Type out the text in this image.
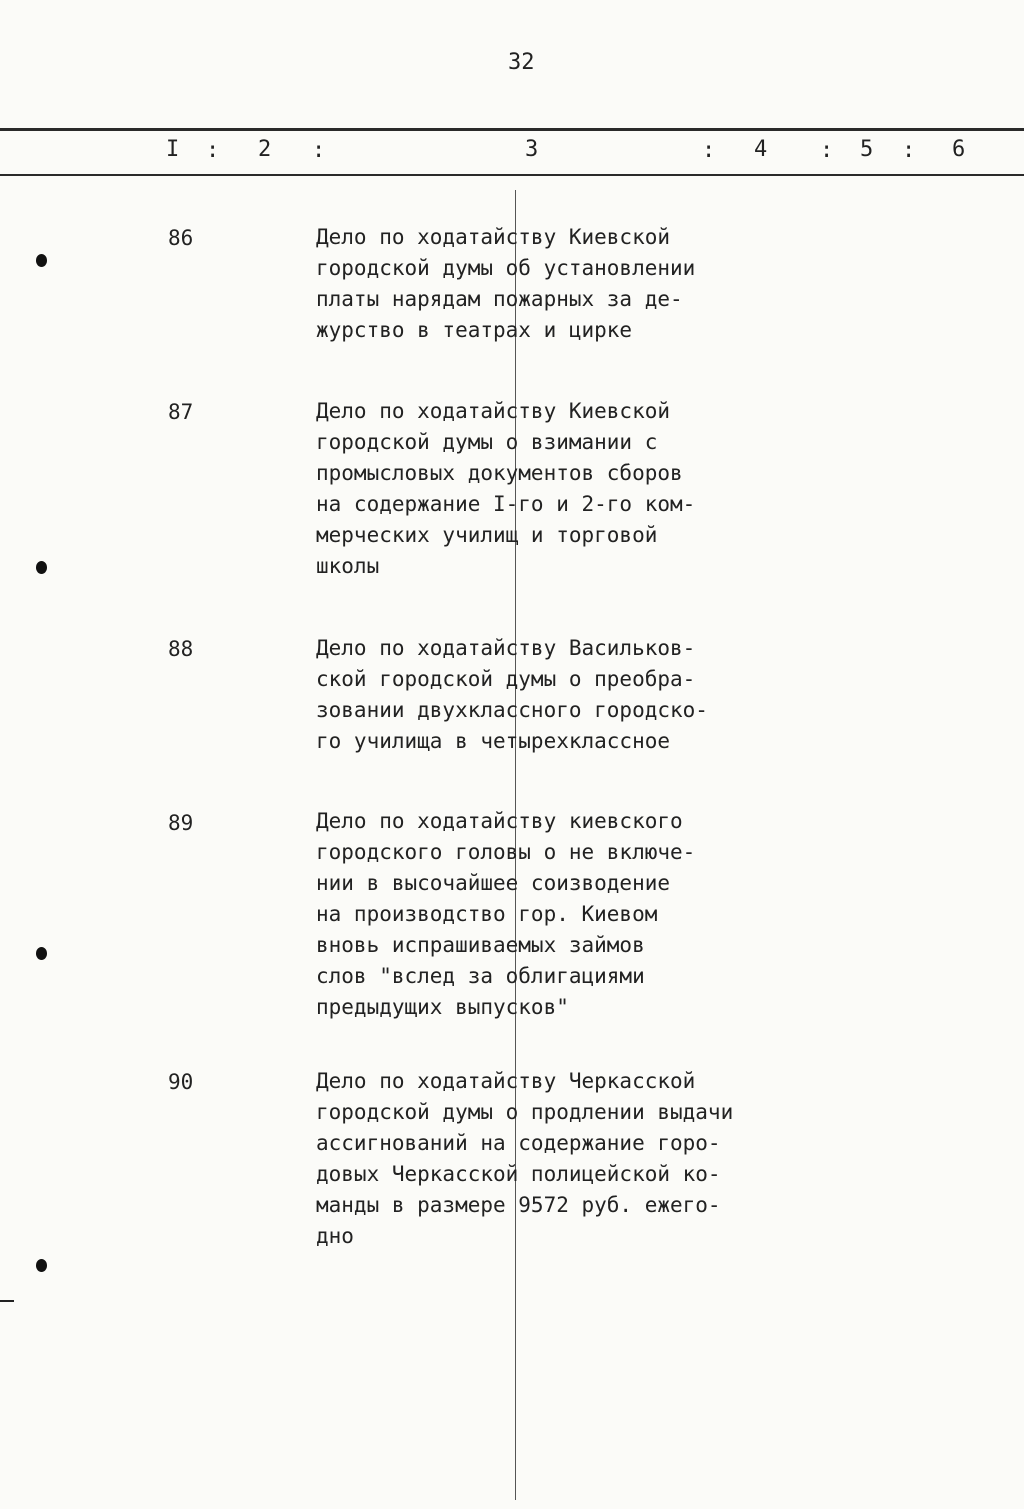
32
I : 2 :	3	: 4 : 5 : 6
86	Дело по ходатайству Киевской
городской думы об установлении
платы нарядам пожарных за де-
журство в театрах и цирке
87	Дело по ходатайству Киевской
городской думы о взимании с
промысловых документов сборов
на содержание I-го и 2-го ком-
мерческих училищ и торговой
школы
88	Дело по ходатайству Васильков-
ской городской думы о преобра-
зовании двухклассного городско-
го училища в четырехклассное
89	Дело по ходатайству киевского
городского головы о не включе-
нии в высочайшее соизводение
на производство гор. Киевом
вновь испрашиваемых займов
слов "вслед за облигациями
предыдущих выпусков"
90	Дело по ходатайству Черкасской
городской думы о продлении выдачи
ассигнований на содержание горо-
довых Черкасской полицейской ко-
манды в размере 9572 руб. ежего-
дно
